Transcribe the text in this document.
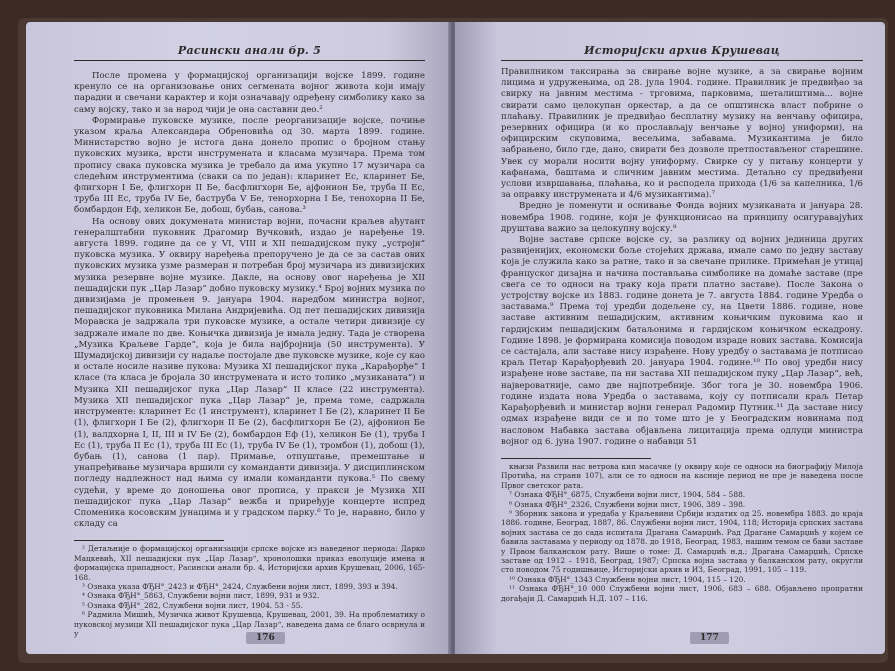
Расински анали бр. 5

После промена у формацијској организацији војске 1899. године кренуло се на организовање оних сегмената војног живота који имају парадни и свечани карактер и који означавају одређену симболику како за саму војску, тако и за народ чији је она саставни део.²

Формирање пуковске музике, после реорганизације војске, почиње указом краља Александара Обреновића од 30. марта 1899. године. Министарство војно је истога дана донело пропис о бројном стању пуковских музика, врсти инструмената и класама музичара. Према том пропису свака пуковска музика је требало да има укупно 17 музичара са следећим инструментима (сваки са по један): кларинет Ес, кларинет Бе, флигхорн I Бе, флигхорн II Бе, басфлигхорн Бе, ајфонион Бе, труба II Ес, труба III Ес, труба IV Бе, баструба V Бе, тенорхорна I Бе, тенохорна II Бе, бомбардон Еф, хеликон Бе, добош, бубањ, санова.³

На основу ових докумената министар војни, почасни краљев ађутант генералштабни пуковник Драгомир Вучковић, издао је наређење 19. августа 1899. године да се у VI, VIII и XII пешадијском пуку „устроји“ пуковска музика. У оквиру наређења препоручено је да се за састав ових пуковских музика узме размеран и потребан број музичара из дивизијских музика резервне војне музике. Дакле, на основу овог наређења је XII пешадијски пук „Цар Лазар“ добио пуковску музику.⁴ Број војних музика по дивизијама је промењен 9. јануара 1904. наредбом министра војног, пешадијског пуковника Милана Андријевића. Од пет пешадијских дивизија Моравска је задржала три пуковске музике, а остале четири дивизије су задржале имале по две. Коњичка дивизија је имала једну. Тада је створена „Музика Краљеве Гарде“, која је била најбројнија (50 инструмента). У Шумадијској дивизији су надаље постојале две пуковске музике, које су као и остале носиле називе пукова: Музика XI пешадијског пука „Карађорђе“ I класе (та класа је бројала 30 инструмената и исто толико „музиканата“) и Музика XII пешадијског пука „Цар Лазар“ II класе (22 инструмента). Музика XII пешадијског пука „Цар Лазар“ је, према томе, садржала инструменте: кларинет Ес (1 инструмент), кларинет I Бе (2), кларинет II Бе (1), флигхорн I Бе (2), флигхорн II Бе (2), басфлигхорн Бе (2), ајфонион Бе (1), валдхорна I, II, III и IV Бе (2), бомбардон Еф (1), хеликон Бе (1), труба I Ес (1), труба II Ес (1), труба III Ес (1), труба IV Бе (1), тромбон (1), добош (1), бубањ (1), санова (1 пар). Примање, отпуштање, премештање и унапређивање музичара вршили су команданти дивизија. У дисциплинском погледу надлежност над њима су имали команданти пукова.⁵ По свему судећи, у време до доношења овог прописа, у пракси је Музика XII пешадијског пука „Цар Лазар“ вежба и приређује концерте испред Споменика косовским јунацима и у градском парку.⁶ То је, наравно, било у складу са

² Детаљније о формацијској организацији српске војске из наведеног периода: Дарко Мацкевић, XII пешадијски пук „Цар Лазар“, хронолошки приказ еволуције имена и формацијска припадност, Расински анали бр. 4, Историјски архив Крушевац, 2006, 165-168.

³ Ознака указа ФЂН°_2423 и ФЂН°_2424, Службени војни лист, 1899, 393 и 394.

⁴ Ознака ФЂН°_5863, Службени војни лист, 1899, 931 и 932.

⁵ Ознака ФЂН°_282, Службени војни лист, 1904. 53 - 55.

⁶ Радмила Мишић, Музичка живот Крушевца, Крушевац, 2001, 39. На проблематику о пуковској музици XII пешадијског пука „Цар Лазар“, наведена дама се благо осврнула и у	176
Историјски архив Крушевац

Правилником таксирања за свирање војне музике, а за свирање војним лицима и удружењима, од 28. јула 1904. године. Правилник је предвиђао за свирку на јавним местима - трговима, парковима, шеталиштима... војне свирати само целокупан оркестар, а да се општинска власт побрине о плаћању. Правилник је предвиђао бесплатну музику на венчању официра, резервних официра (и ко прослављају венчање у војној униформи), на официрским скуповима, весељима, забавама. Музикантима је било забрањено, било где, дано, свирати без дозволе претпостављеног старешине. Увек су морали носити војну униформу. Свирке су у питању концерти у кафанама, баштама и сличним јавним местима. Детаљно су предвиђени услови извршавања, плаћања, ко и расподела прихода (1/6 за капелника, 1/6 за оправку инструмената и 4/6 музикантима).⁷

Вредно је поменути и оснивање Фонда војних музиканата и јануара 28. новембра 1908. године, који је функционисао на принципу осигуравајућих друштава важио за целокупну војску.⁸

Војне заставе српске војске су, за разлику од војних јединица других развијенијих, економски боље стојећих држава, имале само по једну заставу која је служила како за ратне, тако и за свечане прилике. Примећан је утицај француског дизајна и начина постављања симболике на домаће заставе (пре свега се то односи на траку која прати платно заставе). После Закона о устројству војске из 1883. године донета је 7. августа 1884. године Уредба о заставама.⁹ Према тој уредби додељене су, на Цвети 1886. године, нове заставе активним пешадијским, активним коњичким пуковима као и гардијским пешадијским батаљонима и гардијском коњичком ескадрону. Године 1898. је формирана комисија поводом израде нових застава. Комисија се састајала, али заставе нису израђене. Нову уредбу о заставама је потписао краљ Петар Карађорђевић 20. јануара 1904. године.¹⁰ По овој уредби нису израђене нове заставе, па ни застава XII пешадијском пуку „Цар Лазар“, већ, највероватније, само две најпотребније. Због тога је 30. новембра 1906. године издата нова Уредба о заставама, коју су потписали краљ Петар Карађорђевић и министар војни генерал Радомир Путник.¹¹ Да заставе нису одмах израђене види се и по томе што је у Београдским новинама под насловом Набавка застава објављена лицитација према одлуци министра војног од 6. јуна 1907. године о набавци 51

књизи Развили нас ветрова кип масачке (у оквиру које се односи на биографију Милоја Протића, на страни 107), али се то односи на касније период не пре је наведена после Првог светског рата.

⁷ Ознака ФЂН°_6875, Службени војни лист, 1904, 584 – 588.

⁸ Ознака ФЂН°_2326, Службени војни лист, 1906, 389 – 398.

⁹ Зборник закона и уредаба у Краљевини Србији издатих од 25. новембра 1883. до краја 1886. године, Београд, 1887, 86. Службени војни лист, 1904, 118; Историја српских застава војних застава се до сада испитала Драгана Самарџић. Рад Драгане Самарџић у којем се бавила заставама у периоду од 1878. до 1918, Београд, 1983, нашим темом се бави заставе у Првом балканском рату. Више о томе: Д. Самарџић н.д.; Драгана Самарџић, Српске заставе од 1912 – 1918, Београд, 1987; Српска војна застава у балканском рату, округли сто поводом 75 годишњице, Историјски архив и ИЗ, Београд, 1991, 105 – 119.

¹⁰ Ознака ФЂН°_1343 Службени војни лист, 1904, 115 – 120.

¹¹ Ознака ФЂН°_10 000 Службени војни лист, 1906, 683 – 688. Објављено пропратни догађаји Д. Самарџић Н.Д. 107 – 116.

177
